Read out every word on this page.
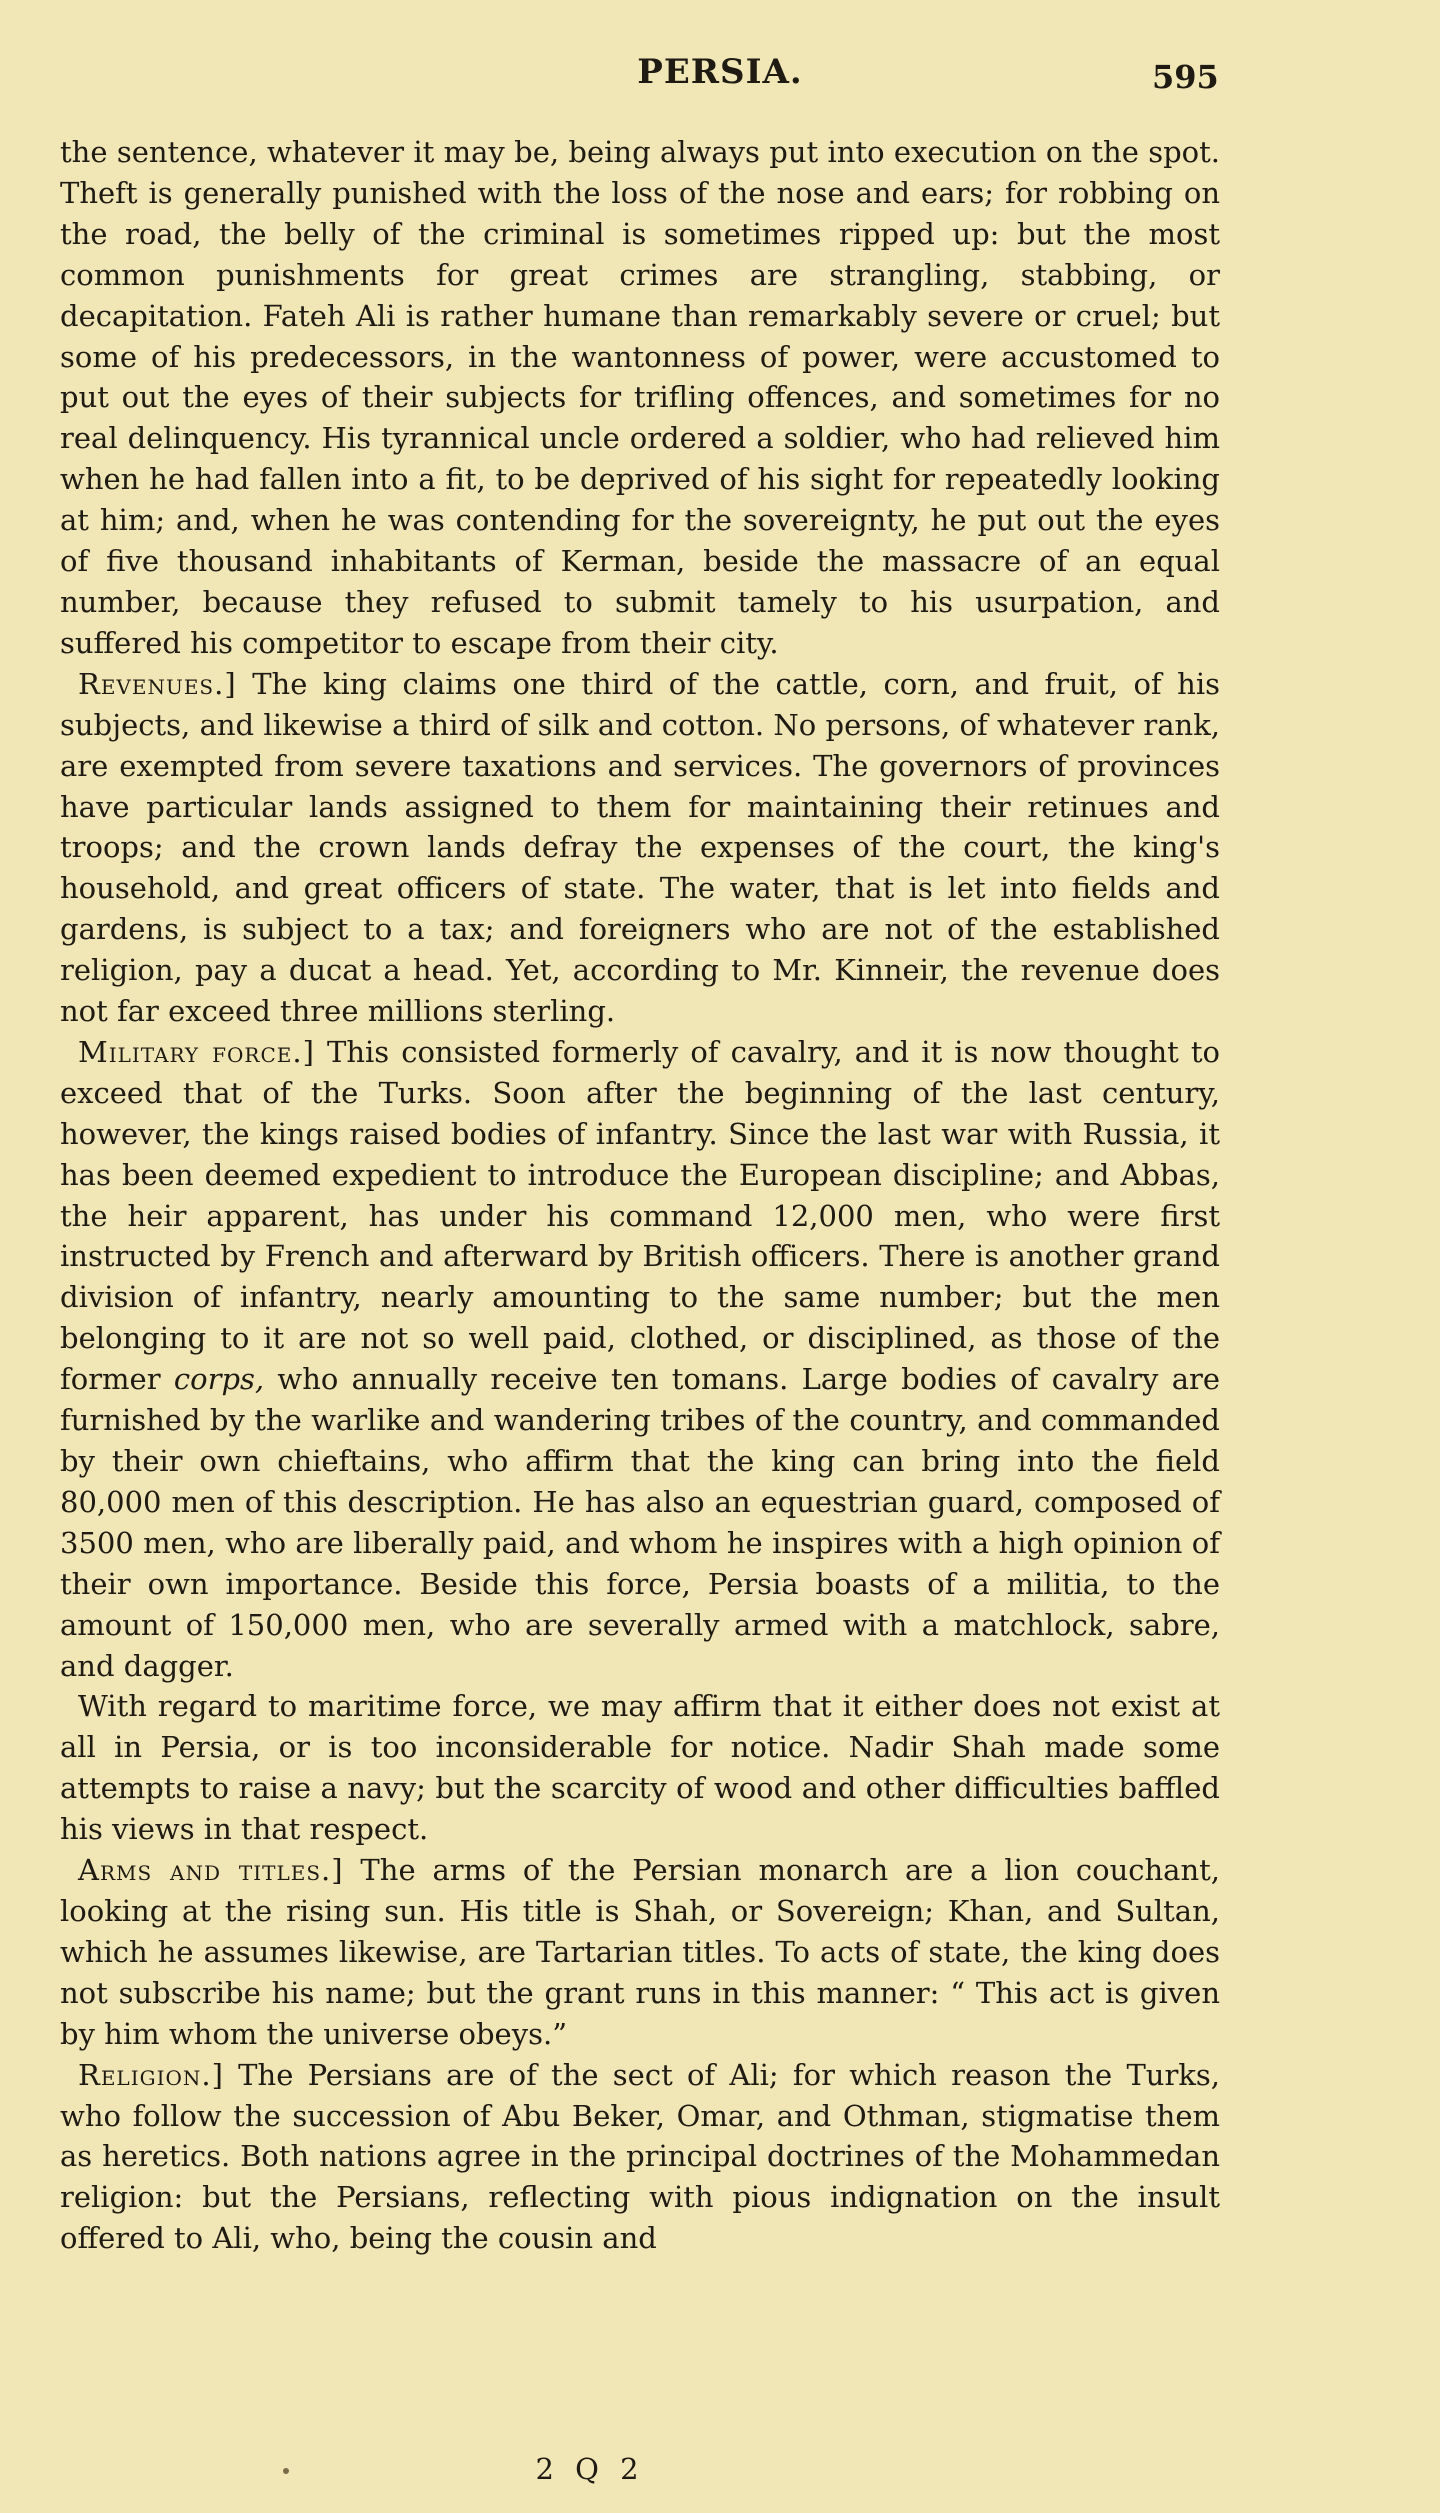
PERSIA.	595

the sentence, whatever it may be, being always put into execution on the spot. Theft is generally punished with the loss of the nose and ears; for robbing on the road, the belly of the criminal is sometimes ripped up: but the most common punishments for great crimes are strangling, stabbing, or decapitation. Fateh Ali is rather humane than remarkably severe or cruel; but some of his predecessors, in the wantonness of power, were accustomed to put out the eyes of their subjects for trifling offences, and sometimes for no real delinquency. His tyrannical uncle ordered a soldier, who had relieved him when he had fallen into a fit, to be deprived of his sight for repeatedly looking at him; and, when he was contending for the sovereignty, he put out the eyes of five thousand inhabitants of Kerman, beside the massacre of an equal number, because they refused to submit tamely to his usurpation, and suffered his competitor to escape from their city.

Revenues.] The king claims one third of the cattle, corn, and fruit, of his subjects, and likewise a third of silk and cotton. No persons, of whatever rank, are exempted from severe taxations and services. The governors of provinces have particular lands assigned to them for maintaining their retinues and troops; and the crown lands defray the expenses of the court, the king's household, and great officers of state. The water, that is let into fields and gardens, is subject to a tax; and foreigners who are not of the established religion, pay a ducat a head. Yet, according to Mr. Kinneir, the revenue does not far exceed three millions sterling.

Military force.] This consisted formerly of cavalry, and it is now thought to exceed that of the Turks. Soon after the beginning of the last century, however, the kings raised bodies of infantry. Since the last war with Russia, it has been deemed expedient to introduce the European discipline; and Abbas, the heir apparent, has under his command 12,000 men, who were first instructed by French and afterward by British officers. There is another grand division of infantry, nearly amounting to the same number; but the men belonging to it are not so well paid, clothed, or disciplined, as those of the former corps, who annually receive ten tomans. Large bodies of cavalry are furnished by the warlike and wandering tribes of the country, and commanded by their own chieftains, who affirm that the king can bring into the field 80,000 men of this description. He has also an equestrian guard, composed of 3500 men, who are liberally paid, and whom he inspires with a high opinion of their own importance. Beside this force, Persia boasts of a militia, to the amount of 150,000 men, who are severally armed with a matchlock, sabre, and dagger.

With regard to maritime force, we may affirm that it either does not exist at all in Persia, or is too inconsiderable for notice. Nadir Shah made some attempts to raise a navy; but the scarcity of wood and other difficulties baffled his views in that respect.

Arms and titles.] The arms of the Persian monarch are a lion couchant, looking at the rising sun. His title is Shah, or Sovereign; Khan, and Sultan, which he assumes likewise, are Tartarian titles. To acts of state, the king does not subscribe his name; but the grant runs in this manner: “ This act is given by him whom the universe obeys.”

Religion.] The Persians are of the sect of Ali; for which reason the Turks, who follow the succession of Abu Beker, Omar, and Othman, stigmatise them as heretics. Both nations agree in the principal doctrines of the Mohammedan religion: but the Persians, reflecting with pious indignation on the insult offered to Ali, who, being the cousin and

2 Q 2
